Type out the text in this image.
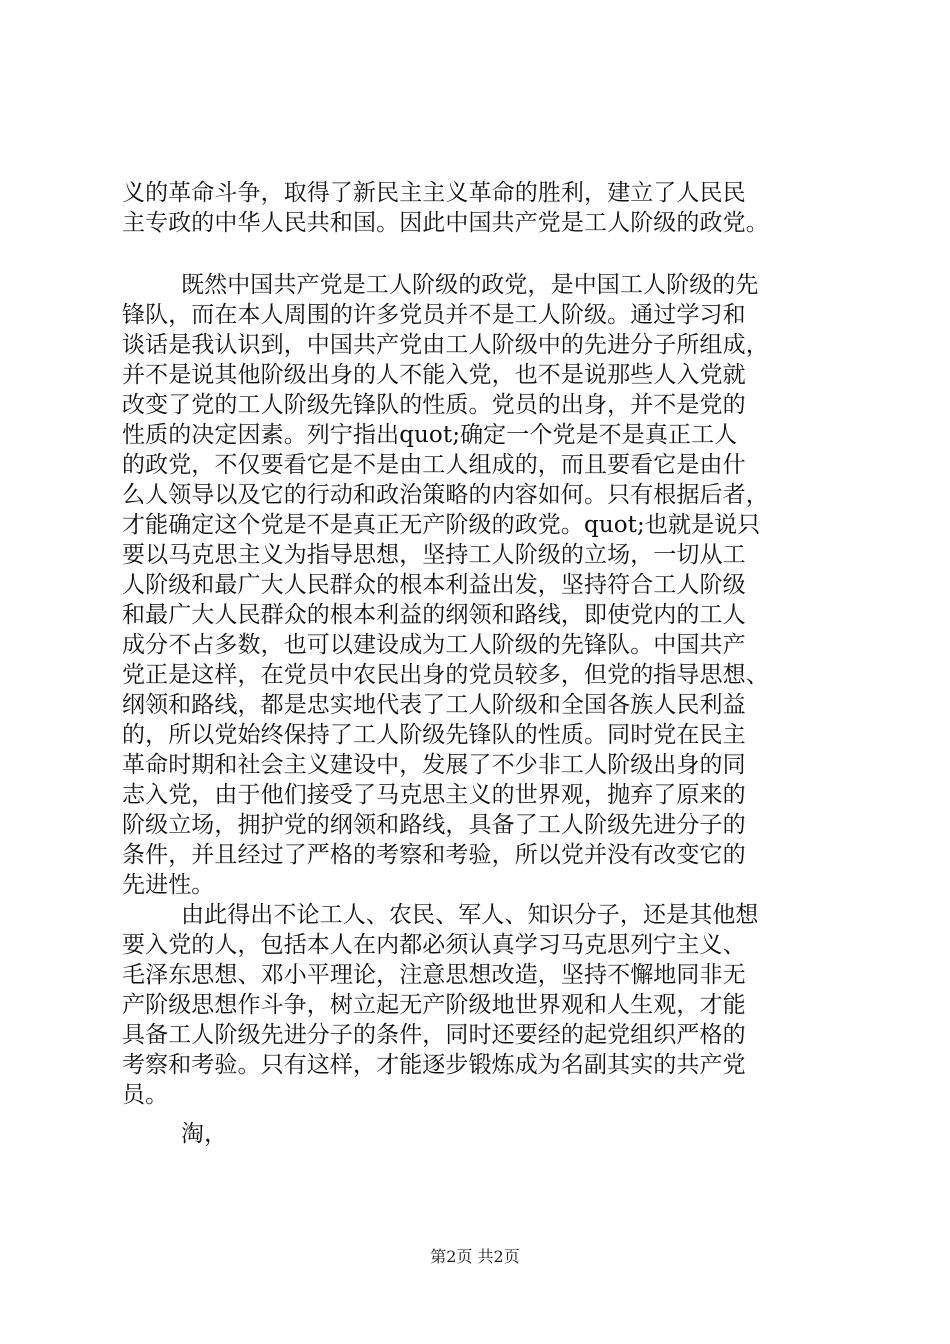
义的革命斗争，取得了新民主主义革命的胜利，建立了人民民
主专政的中华人民共和国。因此中国共产党是工人阶级的政党。
既然中国共产党是工人阶级的政党，是中国工人阶级的先
锋队，而在本人周围的许多党员并不是工人阶级。通过学习和
谈话是我认识到，中国共产党由工人阶级中的先进分子所组成，
并不是说其他阶级出身的人不能入党，也不是说那些人入党就
改变了党的工人阶级先锋队的性质。党员的出身，并不是党的
性质的决定因素。列宁指出quot;确定一个党是不是真正工人
的政党，不仅要看它是不是由工人组成的，而且要看它是由什
么人领导以及它的行动和政治策略的内容如何。只有根据后者，
才能确定这个党是不是真正无产阶级的政党。quot;也就是说只
要以马克思主义为指导思想，坚持工人阶级的立场，一切从工
人阶级和最广大人民群众的根本利益出发，坚持符合工人阶级
和最广大人民群众的根本利益的纲领和路线，即使党内的工人
成分不占多数，也可以建设成为工人阶级的先锋队。中国共产
党正是这样，在党员中农民出身的党员较多，但党的指导思想、
纲领和路线，都是忠实地代表了工人阶级和全国各族人民利益
的，所以党始终保持了工人阶级先锋队的性质。同时党在民主
革命时期和社会主义建设中，发展了不少非工人阶级出身的同
志入党，由于他们接受了马克思主义的世界观，抛弃了原来的
阶级立场，拥护党的纲领和路线，具备了工人阶级先进分子的
条件，并且经过了严格的考察和考验，所以党并没有改变它的
先进性。
由此得出不论工人、农民、军人、知识分子，还是其他想
要入党的人，包括本人在内都必须认真学习马克思列宁主义、
毛泽东思想、邓小平理论，注意思想改造，坚持不懈地同非无
产阶级思想作斗争，树立起无产阶级地世界观和人生观，才能
具备工人阶级先进分子的条件，同时还要经的起党组织严格的
考察和考验。只有这样，才能逐步锻炼成为名副其实的共产党
员。
淘，
第2页 共2页
